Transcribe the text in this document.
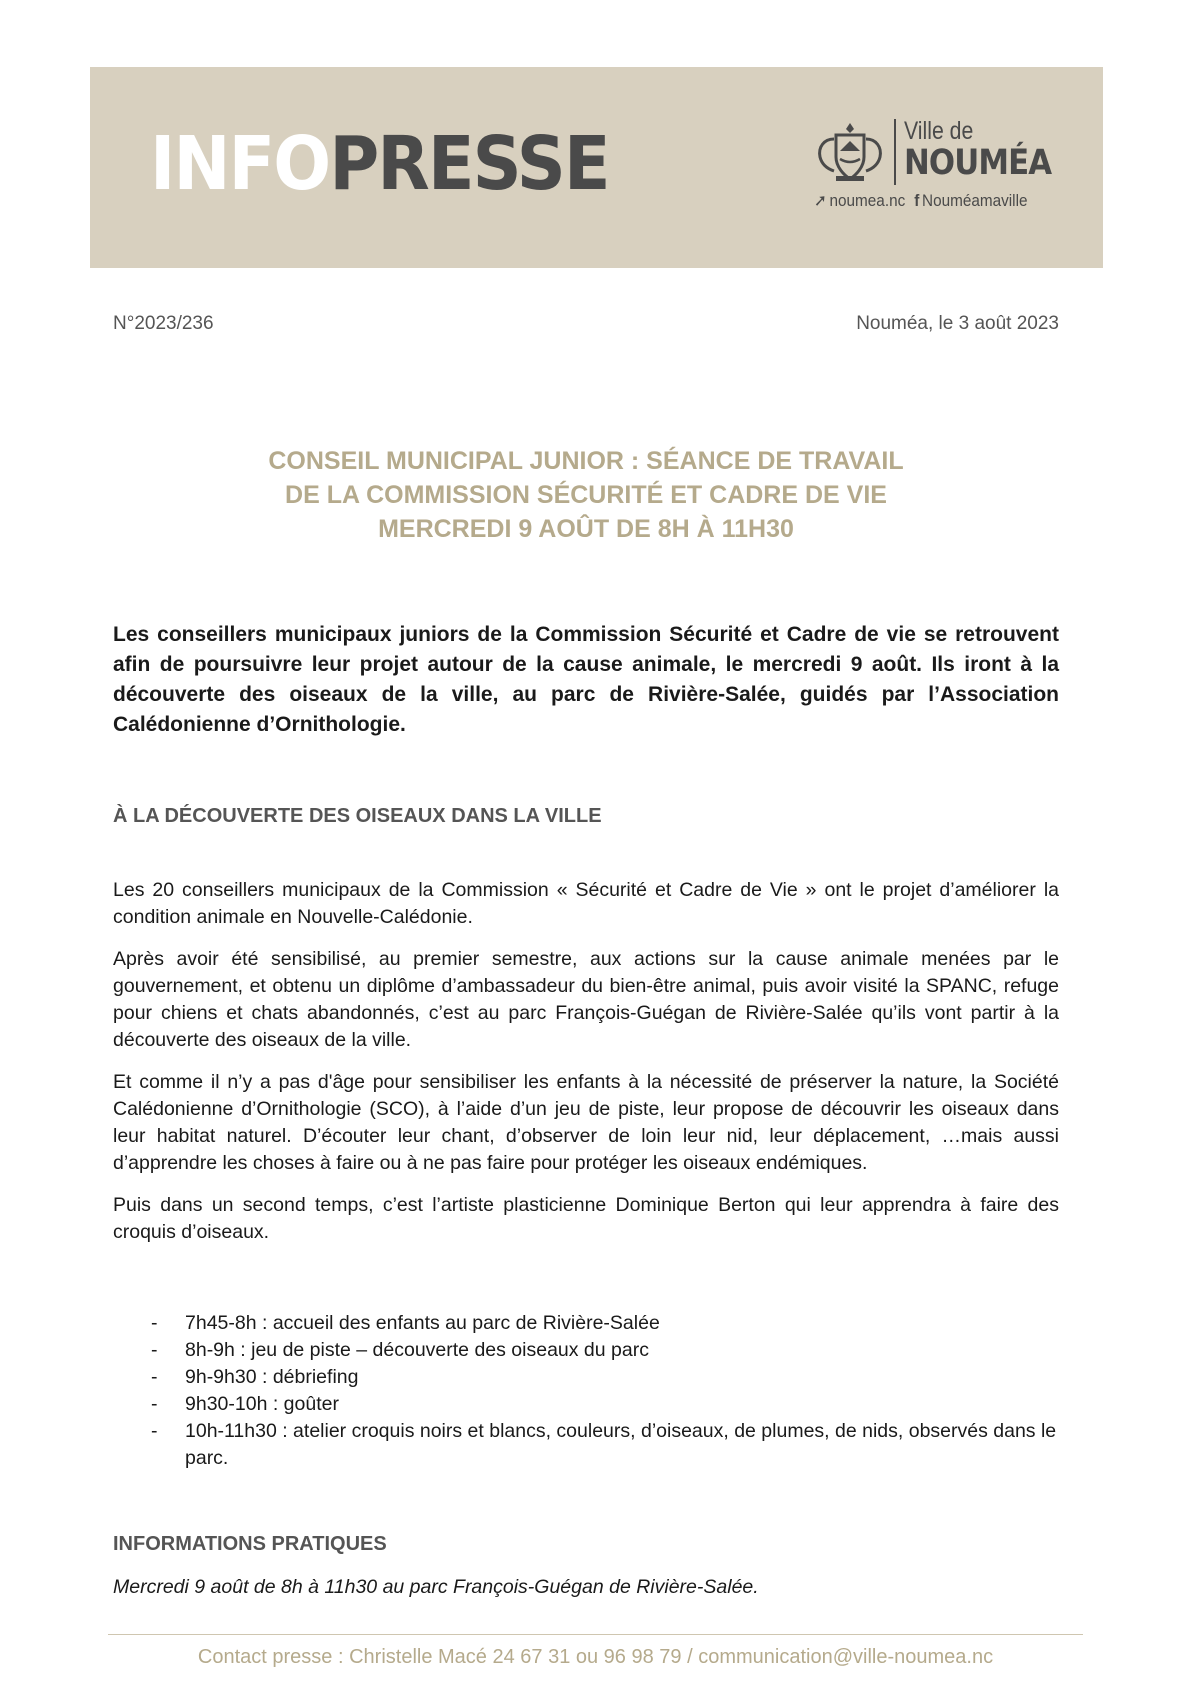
INFOPRESSE	Ville de
NOUMÉA
➚ noumea.nc f Nouméamaville
N°2023/236	Nouméa, le 3 août 2023
CONSEIL MUNICIPAL JUNIOR : SÉANCE DE TRAVAIL
DE LA COMMISSION SÉCURITÉ ET CADRE DE VIE
MERCREDI 9 AOÛT DE 8H À 11H30
Les conseillers municipaux juniors de la Commission Sécurité et Cadre de vie se retrouvent afin de poursuivre leur projet autour de la cause animale, le mercredi 9 août. Ils iront à la découverte des oiseaux de la ville, au parc de Rivière-Salée, guidés par l’Association Calédonienne d’Ornithologie.
À LA DÉCOUVERTE DES OISEAUX DANS LA VILLE

Les 20 conseillers municipaux de la Commission « Sécurité et Cadre de Vie » ont le projet d’améliorer la condition animale en Nouvelle-Calédonie.

Après avoir été sensibilisé, au premier semestre, aux actions sur la cause animale menées par le gouvernement, et obtenu un diplôme d’ambassadeur du bien-être animal, puis avoir visité la SPANC, refuge pour chiens et chats abandonnés, c’est au parc François-Guégan de Rivière-Salée qu’ils vont partir à la découverte des oiseaux de la ville.

Et comme il n’y a pas d'âge pour sensibiliser les enfants à la nécessité de préserver la nature, la Société Calédonienne d’Ornithologie (SCO), à l’aide d’un jeu de piste, leur propose de découvrir les oiseaux dans leur habitat naturel. D’écouter leur chant, d’observer de loin leur nid, leur déplacement, …mais aussi d’apprendre les choses à faire ou à ne pas faire pour protéger les oiseaux endémiques.

Puis dans un second temps, c’est l’artiste plasticienne Dominique Berton qui leur apprendra à faire des croquis d’oiseaux.

- 7h45-8h : accueil des enfants au parc de Rivière-Salée
- 8h-9h : jeu de piste – découverte des oiseaux du parc
- 9h-9h30 : débriefing
- 9h30-10h : goûter
- 10h-11h30 : atelier croquis noirs et blancs, couleurs, d’oiseaux, de plumes, de nids, observés dans le parc.
INFORMATIONS PRATIQUES
Mercredi 9 août de 8h à 11h30 au parc François-Guégan de Rivière-Salée.
Contact presse : Christelle Macé 24 67 31 ou 96 98 79 / communication@ville-noumea.nc
